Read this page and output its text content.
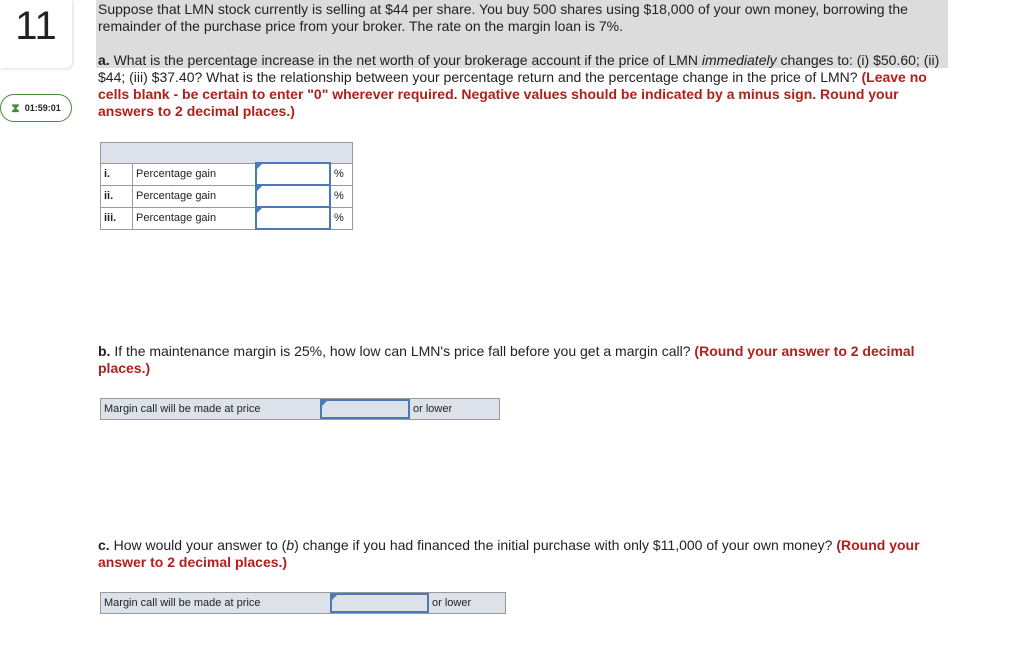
11
⧗ 01:59:01
Suppose that LMN stock currently is selling at $44 per share. You buy 500 shares using $18,000 of your own money, borrowing the remainder of the purchase price from your broker. The rate on the margin loan is 7%.
a. What is the percentage increase in the net worth of your brokerage account if the price of LMN immediately changes to: (i) $50.60; (ii) $44; (iii) $37.40? What is the relationship between your percentage return and the percentage change in the price of LMN? (Leave no cells blank - be certain to enter "0" wherever required. Negative values should be indicated by a minus sign. Round your answers to 2 decimal places.)

i.	Percentage gain		%
ii.	Percentage gain		%
iii.	Percentage gain		%
b. If the maintenance margin is 25%, how low can LMN's price fall before you get a margin call? (Round your answer to 2 decimal places.)
Margin call will be made at price	or lower
c. How would your answer to (b) change if you had financed the initial purchase with only $11,000 of your own money? (Round your answer to 2 decimal places.)
Margin call will be made at price	or lower
